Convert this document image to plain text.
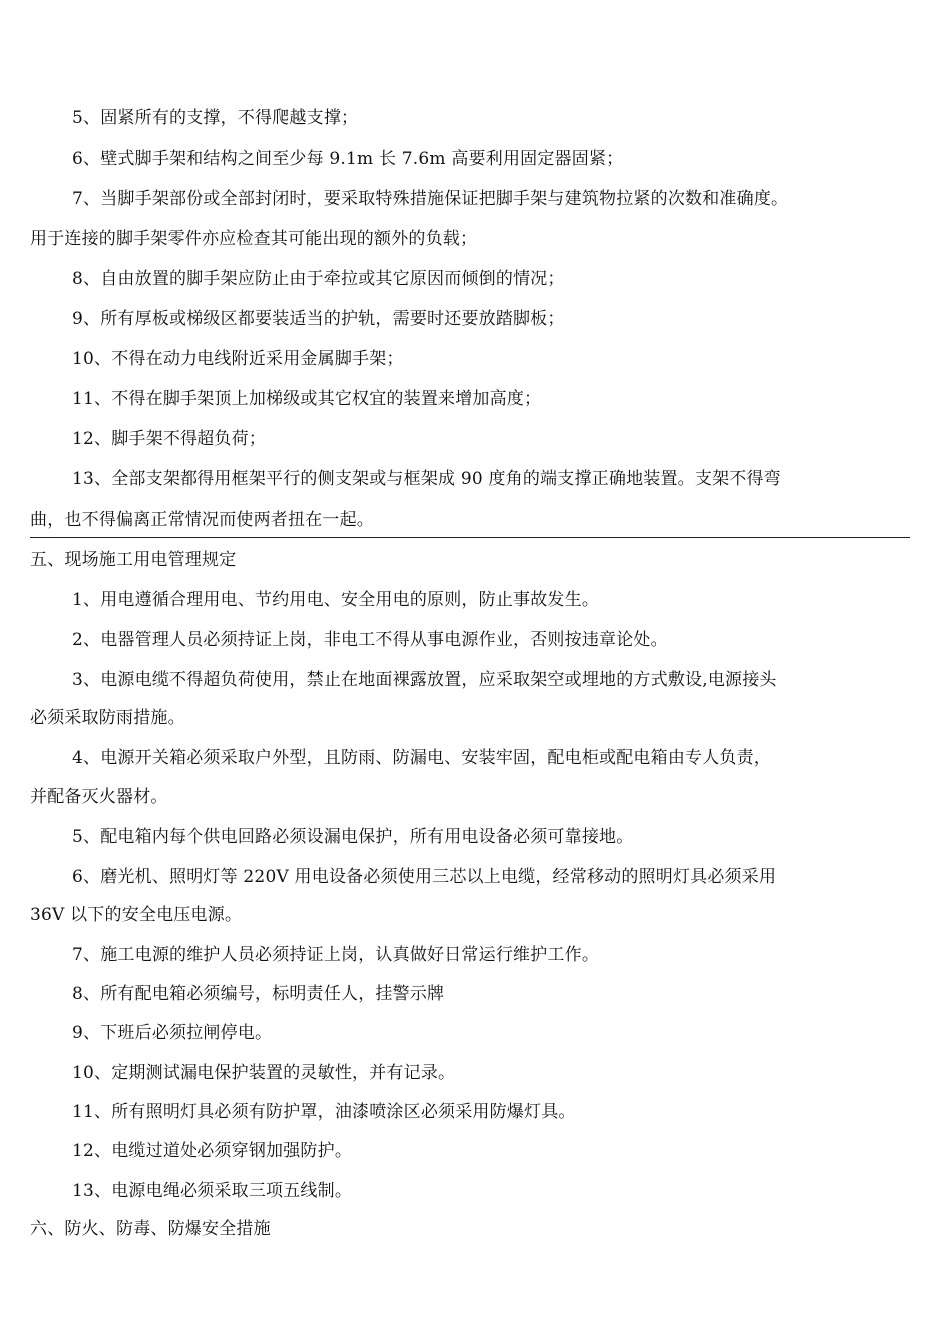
5、固紧所有的支撑，不得爬越支撑；
6、壁式脚手架和结构之间至少每 9.1m 长 7.6m 高要利用固定器固紧；
7、当脚手架部份或全部封闭时，要采取特殊措施保证把脚手架与建筑物拉紧的次数和准确度。
用于连接的脚手架零件亦应检查其可能出现的额外的负载；
8、自由放置的脚手架应防止由于牵拉或其它原因而倾倒的情况；
9、所有厚板或梯级区都要装适当的护轨，需要时还要放踏脚板；
10、不得在动力电线附近采用金属脚手架；
11、不得在脚手架顶上加梯级或其它权宜的装置来增加高度；
12、脚手架不得超负荷；
13、全部支架都得用框架平行的侧支架或与框架成 90 度角的端支撑正确地装置。支架不得弯
曲，也不得偏离正常情况而使两者扭在一起。
五、现场施工用电管理规定
1、用电遵循合理用电、节约用电、安全用电的原则，防止事故发生。
2、电器管理人员必须持证上岗，非电工不得从事电源作业，否则按违章论处。
3、电源电缆不得超负荷使用，禁止在地面裸露放置，应采取架空或埋地的方式敷设,电源接头
必须采取防雨措施。
4、电源开关箱必须采取户外型，且防雨、防漏电、安装牢固，配电柜或配电箱由专人负责，
并配备灭火器材。
5、配电箱内每个供电回路必须设漏电保护，所有用电设备必须可靠接地。
6、磨光机、照明灯等 220V 用电设备必须使用三芯以上电缆，经常移动的照明灯具必须采用
36V 以下的安全电压电源。
7、施工电源的维护人员必须持证上岗，认真做好日常运行维护工作。
8、所有配电箱必须编号，标明责任人，挂警示牌
9、下班后必须拉闸停电。
10、定期测试漏电保护装置的灵敏性，并有记录。
11、所有照明灯具必须有防护罩，油漆喷涂区必须采用防爆灯具。
12、电缆过道处必须穿钢加强防护。
13、电源电绳必须采取三项五线制。
六、防火、防毒、防爆安全措施
